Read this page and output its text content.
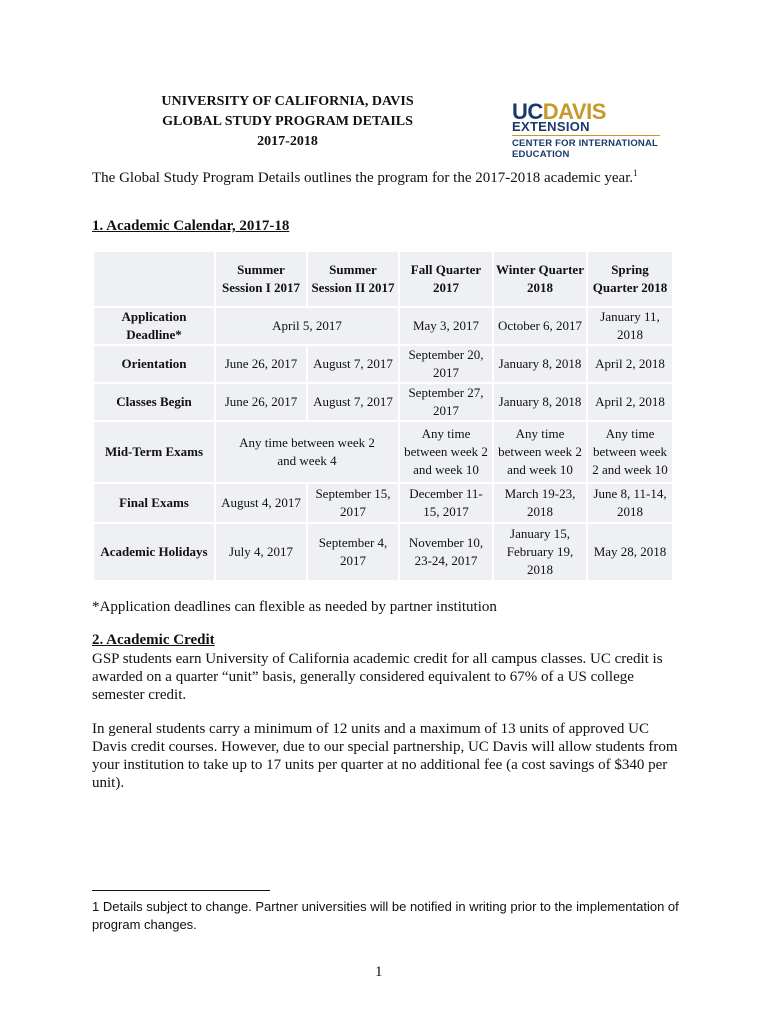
UNIVERSITY OF CALIFORNIA, DAVIS
GLOBAL STUDY PROGRAM DETAILS
2017-2018
UCDAVIS
EXTENSION
CENTER FOR INTERNATIONAL
EDUCATION
The Global Study Program Details outlines the program for the 2017-2018 academic year.$^1$
1. Academic Calendar, 2017-18
	Summer Session I 2017	Summer Session II 2017	Fall Quarter 2017	Winter Quarter 2018	Spring Quarter 2018
Application Deadline*	April 5, 2017		May 3, 2017	October 6, 2017	January 11, 2018
Orientation	June 26, 2017	August 7, 2017	September 20, 2017	January 8, 2018	April 2, 2018
Classes Begin	June 26, 2017	August 7, 2017	September 27, 2017	January 8, 2018	April 2, 2018
Mid-Term Exams	Any time between week 2 and week 4		Any time between week 2 and week 10	Any time between week 2 and week 10	Any time between week 2 and week 10
Final Exams	August 4, 2017	September 15, 2017	December 11-15, 2017	March 19-23, 2018	June 8, 11-14, 2018
Academic Holidays	July 4, 2017	September 4, 2017	November 10, 23-24, 2017	January 15, February 19, 2018	May 28, 2018
*Application deadlines can flexible as needed by partner institution
2. Academic Credit
GSP students earn University of California academic credit for all campus classes. UC credit is awarded on a quarter “unit” basis, generally considered equivalent to 67% of a US college semester credit.
In general students carry a minimum of 12 units and a maximum of 13 units of approved UC Davis credit courses. However, due to our special partnership, UC Davis will allow students from your institution to take up to 17 units per quarter at no additional fee (a cost savings of $340 per unit).
1 Details subject to change. Partner universities will be notified in writing prior to the implementation of program changes.
1
